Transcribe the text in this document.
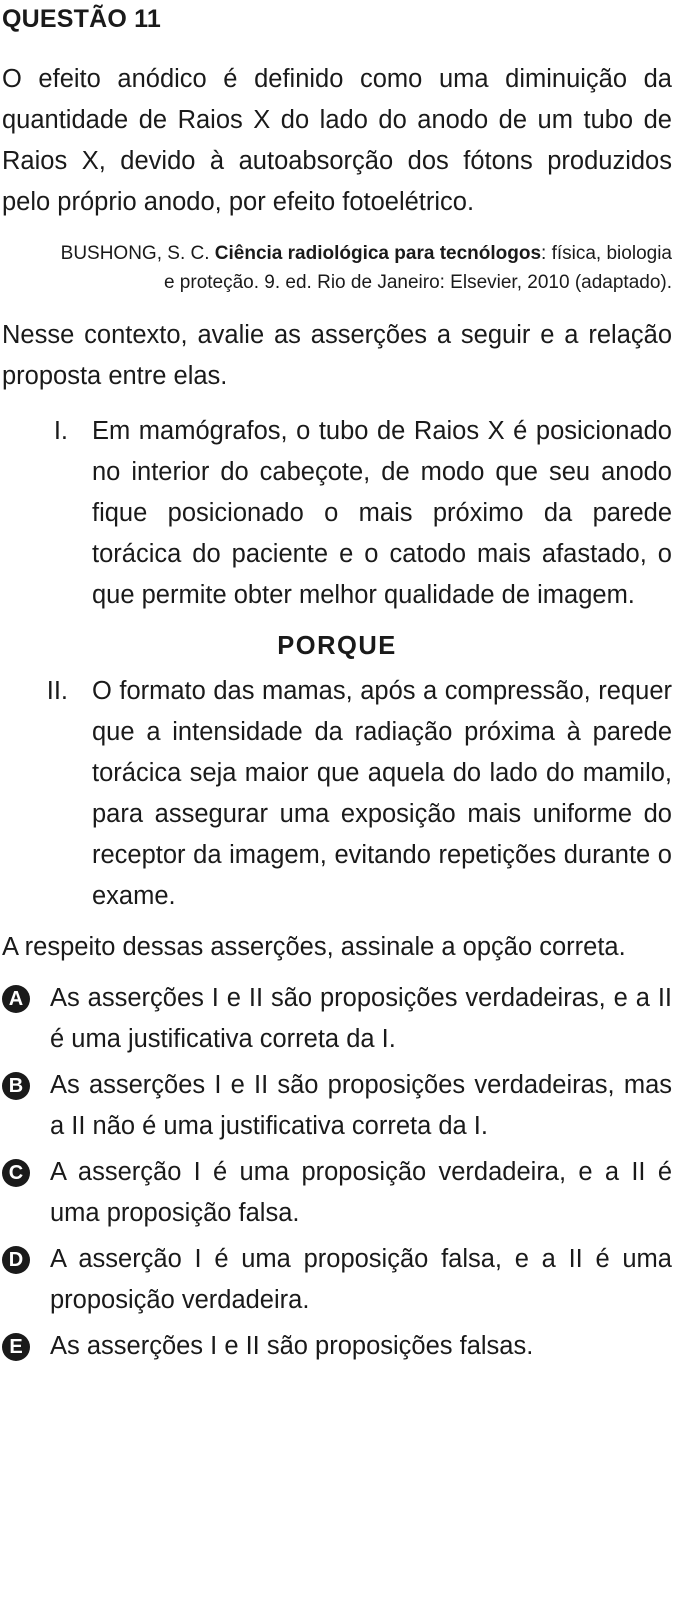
QUESTÃO 11

O efeito anódico é definido como uma diminuição da quantidade de Raios X do lado do anodo de um tubo de Raios X, devido à autoabsorção dos fótons produzidos pelo próprio anodo, por efeito fotoelétrico.

BUSHONG, S. C. Ciência radiológica para tecnólogos: física, biologia
e proteção. 9. ed. Rio de Janeiro: Elsevier, 2010 (adaptado).

Nesse contexto, avalie as asserções a seguir e a relação proposta entre elas.

I. Em mamógrafos, o tubo de Raios X é posicionado no interior do cabeçote, de modo que seu anodo fique posicionado o mais próximo da parede torácica do paciente e o catodo mais afastado, o que permite obter melhor qualidade de imagem.

PORQUE
II. O formato das mamas, após a compressão, requer que a intensidade da radiação próxima à parede torácica seja maior que aquela do lado do mamilo, para assegurar uma exposição mais uniforme do receptor da imagem, evitando repetições durante o exame.

A respeito dessas asserções, assinale a opção correta.

A As asserções I e II são proposições verdadeiras, e a II é uma justificativa correta da I.

B As asserções I e II são proposições verdadeiras, mas a II não é uma justificativa correta da I.

C A asserção I é uma proposição verdadeira, e a II é uma proposição falsa.

D A asserção I é uma proposição falsa, e a II é uma proposição verdadeira.

E As asserções I e II são proposições falsas.
